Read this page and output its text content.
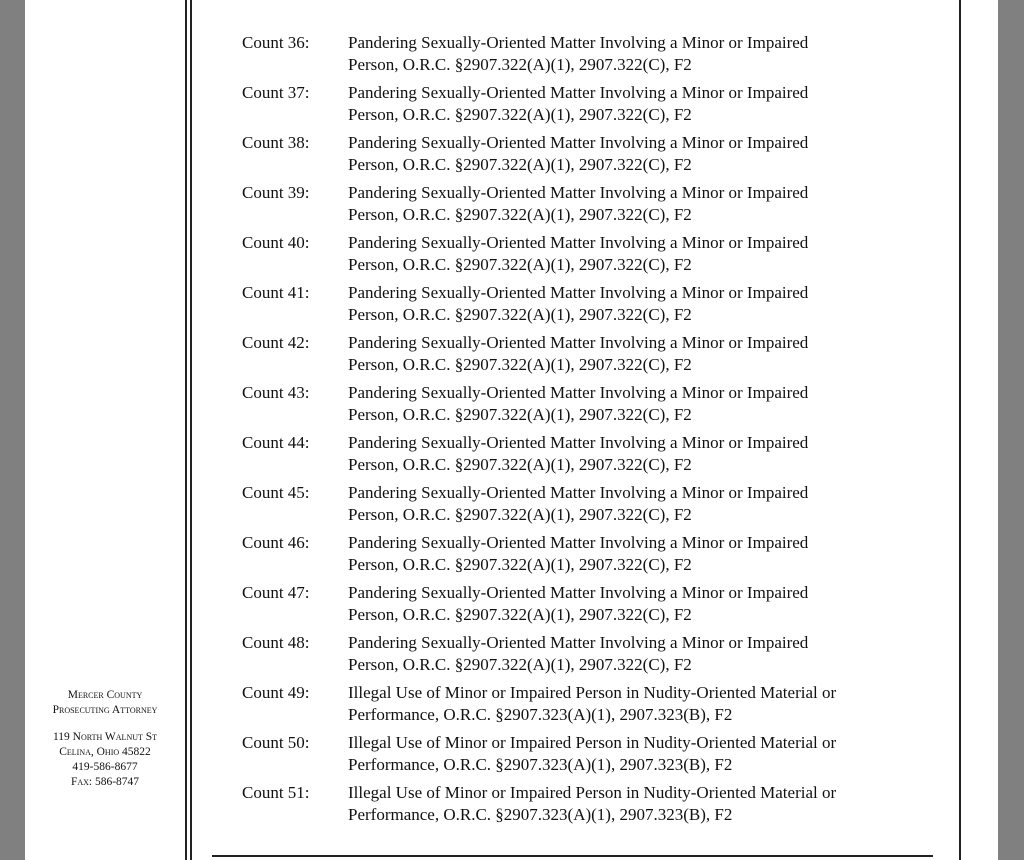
Mercer County
Prosecuting Attorney
119 North Walnut St
Celina, Ohio 45822
419-586-8677
Fax: 586-8747
Count 36: Pandering Sexually-Oriented Matter Involving a Minor or Impaired
Person, O.R.C. §2907.322(A)(1), 2907.322(C), F2
Count 37: Pandering Sexually-Oriented Matter Involving a Minor or Impaired
Person, O.R.C. §2907.322(A)(1), 2907.322(C), F2
Count 38: Pandering Sexually-Oriented Matter Involving a Minor or Impaired
Person, O.R.C. §2907.322(A)(1), 2907.322(C), F2
Count 39: Pandering Sexually-Oriented Matter Involving a Minor or Impaired
Person, O.R.C. §2907.322(A)(1), 2907.322(C), F2
Count 40: Pandering Sexually-Oriented Matter Involving a Minor or Impaired
Person, O.R.C. §2907.322(A)(1), 2907.322(C), F2
Count 41: Pandering Sexually-Oriented Matter Involving a Minor or Impaired
Person, O.R.C. §2907.322(A)(1), 2907.322(C), F2
Count 42: Pandering Sexually-Oriented Matter Involving a Minor or Impaired
Person, O.R.C. §2907.322(A)(1), 2907.322(C), F2
Count 43: Pandering Sexually-Oriented Matter Involving a Minor or Impaired
Person, O.R.C. §2907.322(A)(1), 2907.322(C), F2
Count 44: Pandering Sexually-Oriented Matter Involving a Minor or Impaired
Person, O.R.C. §2907.322(A)(1), 2907.322(C), F2
Count 45: Pandering Sexually-Oriented Matter Involving a Minor or Impaired
Person, O.R.C. §2907.322(A)(1), 2907.322(C), F2
Count 46: Pandering Sexually-Oriented Matter Involving a Minor or Impaired
Person, O.R.C. §2907.322(A)(1), 2907.322(C), F2
Count 47: Pandering Sexually-Oriented Matter Involving a Minor or Impaired
Person, O.R.C. §2907.322(A)(1), 2907.322(C), F2
Count 48: Pandering Sexually-Oriented Matter Involving a Minor or Impaired
Person, O.R.C. §2907.322(A)(1), 2907.322(C), F2
Count 49: Illegal Use of Minor or Impaired Person in Nudity-Oriented Material or
Performance, O.R.C. §2907.323(A)(1), 2907.323(B), F2
Count 50: Illegal Use of Minor or Impaired Person in Nudity-Oriented Material or
Performance, O.R.C. §2907.323(A)(1), 2907.323(B), F2
Count 51: Illegal Use of Minor or Impaired Person in Nudity-Oriented Material or
Performance, O.R.C. §2907.323(A)(1), 2907.323(B), F2
